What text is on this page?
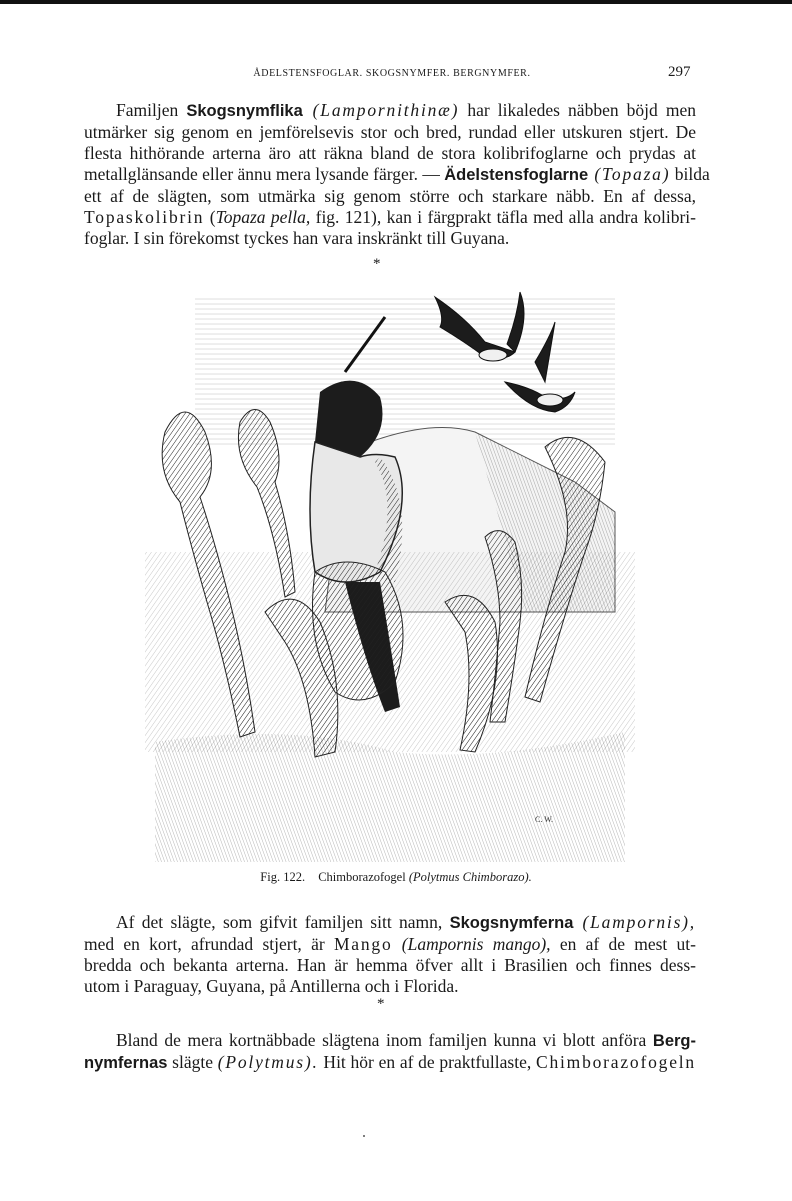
ÅDELSTENSFOGLAR. SKOGSNYMFER. BERGNYMFER.	297
Familjen Skogsnymflika (Lampornithinæ) har likaledes näbben böjd men
utmärker sig genom en jemförelsevis stor och bred, rundad eller utskuren stjert. De
flesta hithörande arterna äro att räkna bland de stora kolibrifoglarne och prydas at
metallglänsande eller ännu mera lysande färger. — Ädelstensfoglarne (Topaza) bilda
ett af de slägten, som utmärka sig genom större och starkare näbb. En af dessa,
Topaskolibrin (Topaza pella, fig. 121), kan i färgprakt täfla med alla andra kolibri-
foglar. I sin förekomst tyckes han vara inskränkt till Guyana.
*
C. W.
Fig. 122. Chimborazofogel (Polytmus Chimborazo).
Af det slägte, som gifvit familjen sitt namn, Skogsnymferna (Lampornis),
med en kort, afrundad stjert, är Mango (Lampornis mango), en af de mest ut-
bredda och bekanta arterna. Han är hemma öfver allt i Brasilien och finnes dess-
utom i Paraguay, Guyana, på Antillerna och i Florida.
*
Bland de mera kortnäbbade slägtena inom familjen kunna vi blott anföra Berg-
nymfernas slägte (Polytmus). Hit hör en af de praktfullaste, Chimborazofogeln
